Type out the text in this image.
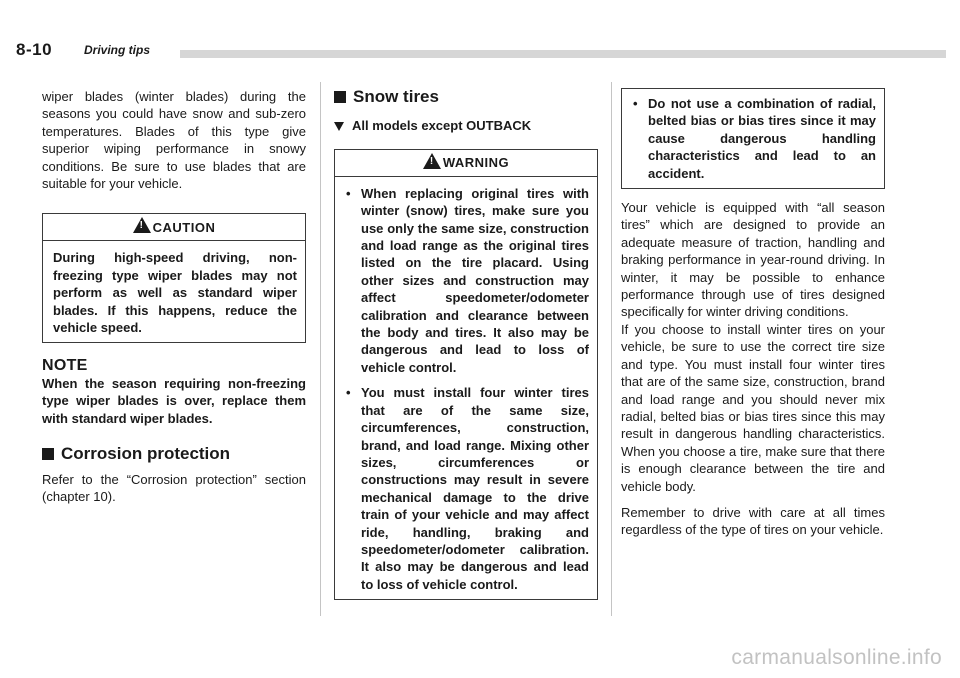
8-10	Driving tips

wiper blades (winter blades) during the seasons you could have snow and sub-zero temperatures. Blades of this type give superior wiping performance in snowy conditions. Be sure to use blades that are suitable for your vehicle.

! CAUTION
During high-speed driving, non-freezing type wiper blades may not perform as well as standard wiper blades. If this happens, reduce the vehicle speed.
NOTE
When the season requiring non-freezing type wiper blades is over, replace them with standard wiper blades.
Corrosion protection

Refer to the “Corrosion protection” section (chapter 10).

Snow tires
All models except OUTBACK
! WARNING
• When replacing original tires with winter (snow) tires, make sure you use only the same size, construction and load range as the original tires listed on the tire placard. Using other sizes and construction may affect speedometer/odometer calibration and clearance between the body and tires. It also may be dangerous and lead to loss of vehicle control.
• You must install four winter tires that are of the same size, circumferences, construction, brand, and load range. Mixing other sizes, circumferences or constructions may result in severe mechanical damage to the drive train of your vehicle and may affect ride, handling, braking and speedometer/odometer calibration. It also may be dangerous and lead to loss of vehicle control.
• Do not use a combination of radial, belted bias or bias tires since it may cause dangerous handling characteristics and lead to an accident.

Your vehicle is equipped with “all season tires” which are designed to provide an adequate measure of traction, handling and braking performance in year-round driving. In winter, it may be possible to enhance performance through use of tires designed specifically for winter driving conditions.

If you choose to install winter tires on your vehicle, be sure to use the correct tire size and type. You must install four winter tires that are of the same size, construction, brand and load range and you should never mix radial, belted bias or bias tires since this may result in dangerous handling characteristics. When you choose a tire, make sure that there is enough clearance between the tire and vehicle body.

Remember to drive with care at all times regardless of the type of tires on your vehicle.

carmanualsonline.info
